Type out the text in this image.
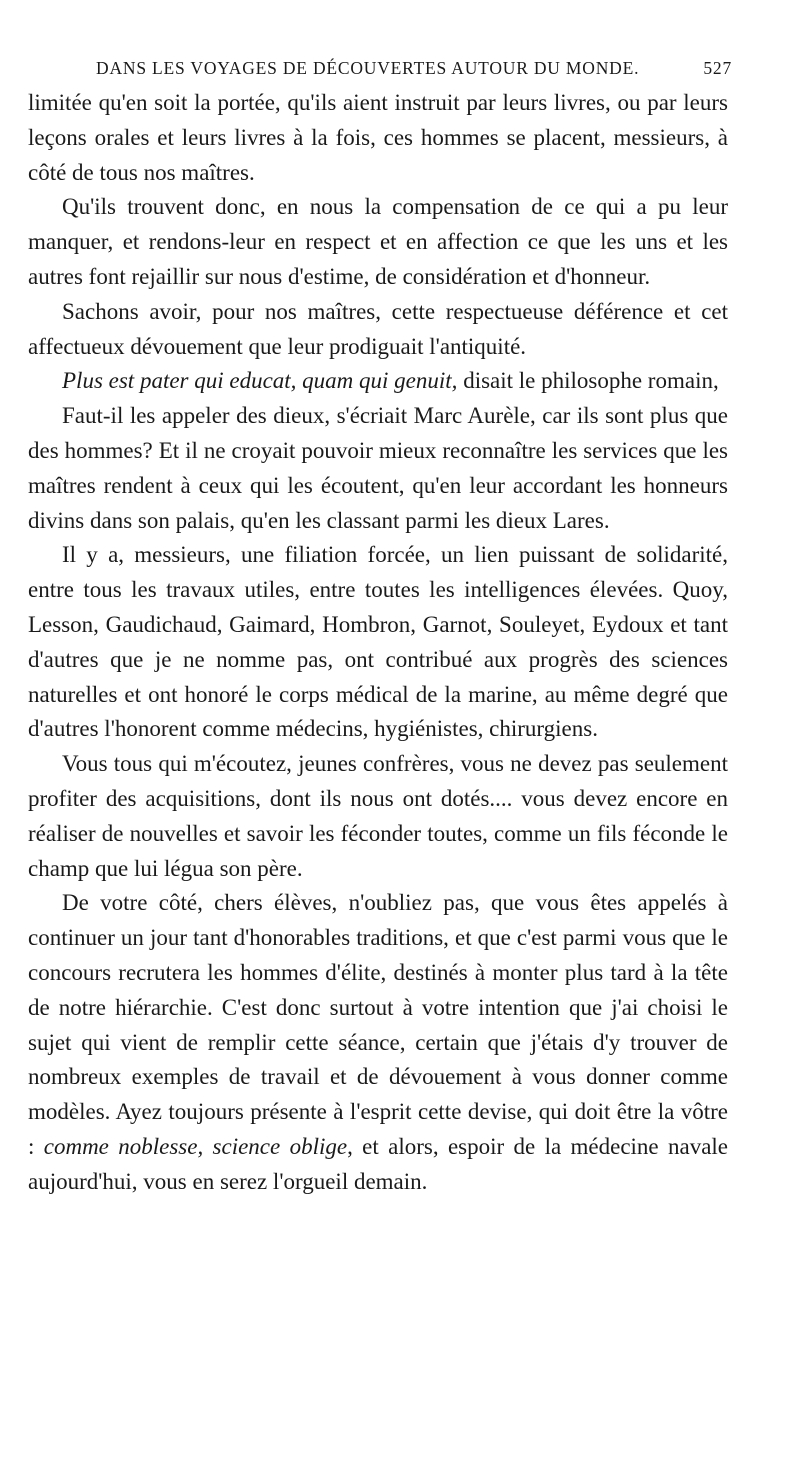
DANS LES VOYAGES DE DÉCOUVERTES AUTOUR DU MONDE.	527

limitée qu'en soit la portée, qu'ils aient instruit par leurs livres, ou par leurs leçons orales et leurs livres à la fois, ces hommes se placent, messieurs, à côté de tous nos maîtres.

Qu'ils trouvent donc, en nous la compensation de ce qui a pu leur manquer, et rendons-leur en respect et en affection ce que les uns et les autres font rejaillir sur nous d'estime, de considération et d'honneur.

Sachons avoir, pour nos maîtres, cette respectueuse déférence et cet affectueux dévouement que leur prodiguait l'antiquité.

Plus est pater qui educat, quam qui genuit, disait le philosophe romain,

Faut-il les appeler des dieux, s'écriait Marc Aurèle, car ils sont plus que des hommes? Et il ne croyait pouvoir mieux reconnaître les services que les maîtres rendent à ceux qui les écoutent, qu'en leur accordant les honneurs divins dans son palais, qu'en les classant parmi les dieux Lares.

Il y a, messieurs, une filiation forcée, un lien puissant de solidarité, entre tous les travaux utiles, entre toutes les intelligences élevées. Quoy, Lesson, Gaudichaud, Gaimard, Hombron, Garnot, Souleyet, Eydoux et tant d'autres que je ne nomme pas, ont contribué aux progrès des sciences naturelles et ont honoré le corps médical de la marine, au même degré que d'autres l'honorent comme médecins, hygiénistes, chirurgiens.

Vous tous qui m'écoutez, jeunes confrères, vous ne devez pas seulement profiter des acquisitions, dont ils nous ont dotés.... vous devez encore en réaliser de nouvelles et savoir les féconder toutes, comme un fils féconde le champ que lui légua son père.

De votre côté, chers élèves, n'oubliez pas, que vous êtes appelés à continuer un jour tant d'honorables traditions, et que c'est parmi vous que le concours recrutera les hommes d'élite, destinés à monter plus tard à la tête de notre hiérarchie. C'est donc surtout à votre intention que j'ai choisi le sujet qui vient de remplir cette séance, certain que j'étais d'y trouver de nombreux exemples de travail et de dévouement à vous donner comme modèles. Ayez toujours présente à l'esprit cette devise, qui doit être la vôtre : comme noblesse, science oblige, et alors, espoir de la médecine navale aujourd'hui, vous en serez l'orgueil demain.
